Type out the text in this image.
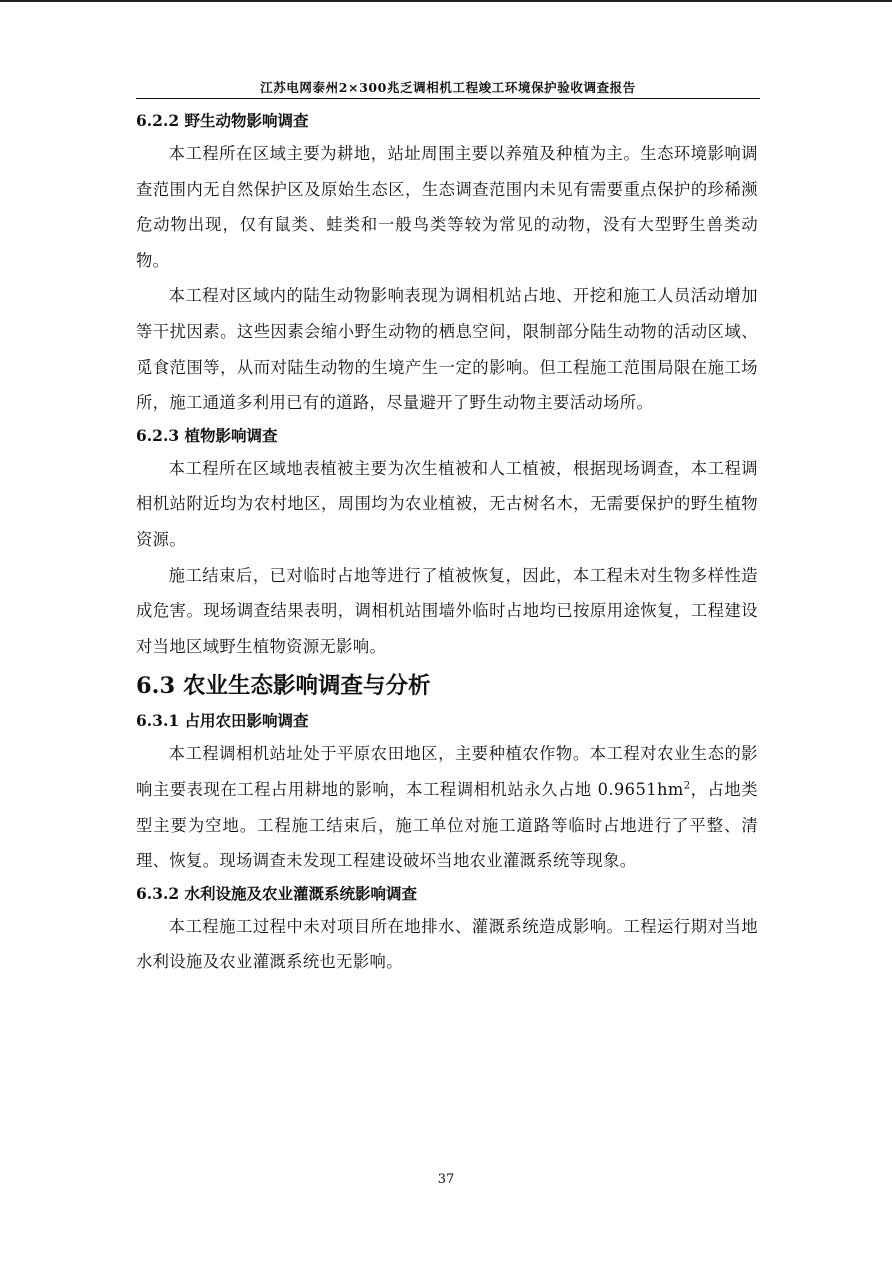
江苏电网泰州2×300兆乏调相机工程竣工环境保护验收调查报告
6.2.2 野生动物影响调查

本工程所在区域主要为耕地，站址周围主要以养殖及种植为主。生态环境影响调查范围内无自然保护区及原始生态区，生态调查范围内未见有需要重点保护的珍稀濒危动物出现，仅有鼠类、蛙类和一般鸟类等较为常见的动物，没有大型野生兽类动物。

本工程对区域内的陆生动物影响表现为调相机站占地、开挖和施工人员活动增加等干扰因素。这些因素会缩小野生动物的栖息空间，限制部分陆生动物的活动区域、觅食范围等，从而对陆生动物的生境产生一定的影响。但工程施工范围局限在施工场所，施工通道多利用已有的道路，尽量避开了野生动物主要活动场所。

6.2.3 植物影响调查

本工程所在区域地表植被主要为次生植被和人工植被，根据现场调查，本工程调相机站附近均为农村地区，周围均为农业植被，无古树名木，无需要保护的野生植物资源。

施工结束后，已对临时占地等进行了植被恢复，因此，本工程未对生物多样性造成危害。现场调查结果表明，调相机站围墙外临时占地均已按原用途恢复，工程建设对当地区域野生植物资源无影响。

6.3 农业生态影响调查与分析
6.3.1 占用农田影响调查

本工程调相机站址处于平原农田地区，主要种植农作物。本工程对农业生态的影响主要表现在工程占用耕地的影响，本工程调相机站永久占地 $0.9651hm^2$，占地类型主要为空地。工程施工结束后，施工单位对施工道路等临时占地进行了平整、清理、恢复。现场调查未发现工程建设破坏当地农业灌溉系统等现象。

6.3.2 水利设施及农业灌溉系统影响调查

本工程施工过程中未对项目所在地排水、灌溉系统造成影响。工程运行期对当地水利设施及农业灌溉系统也无影响。

37
